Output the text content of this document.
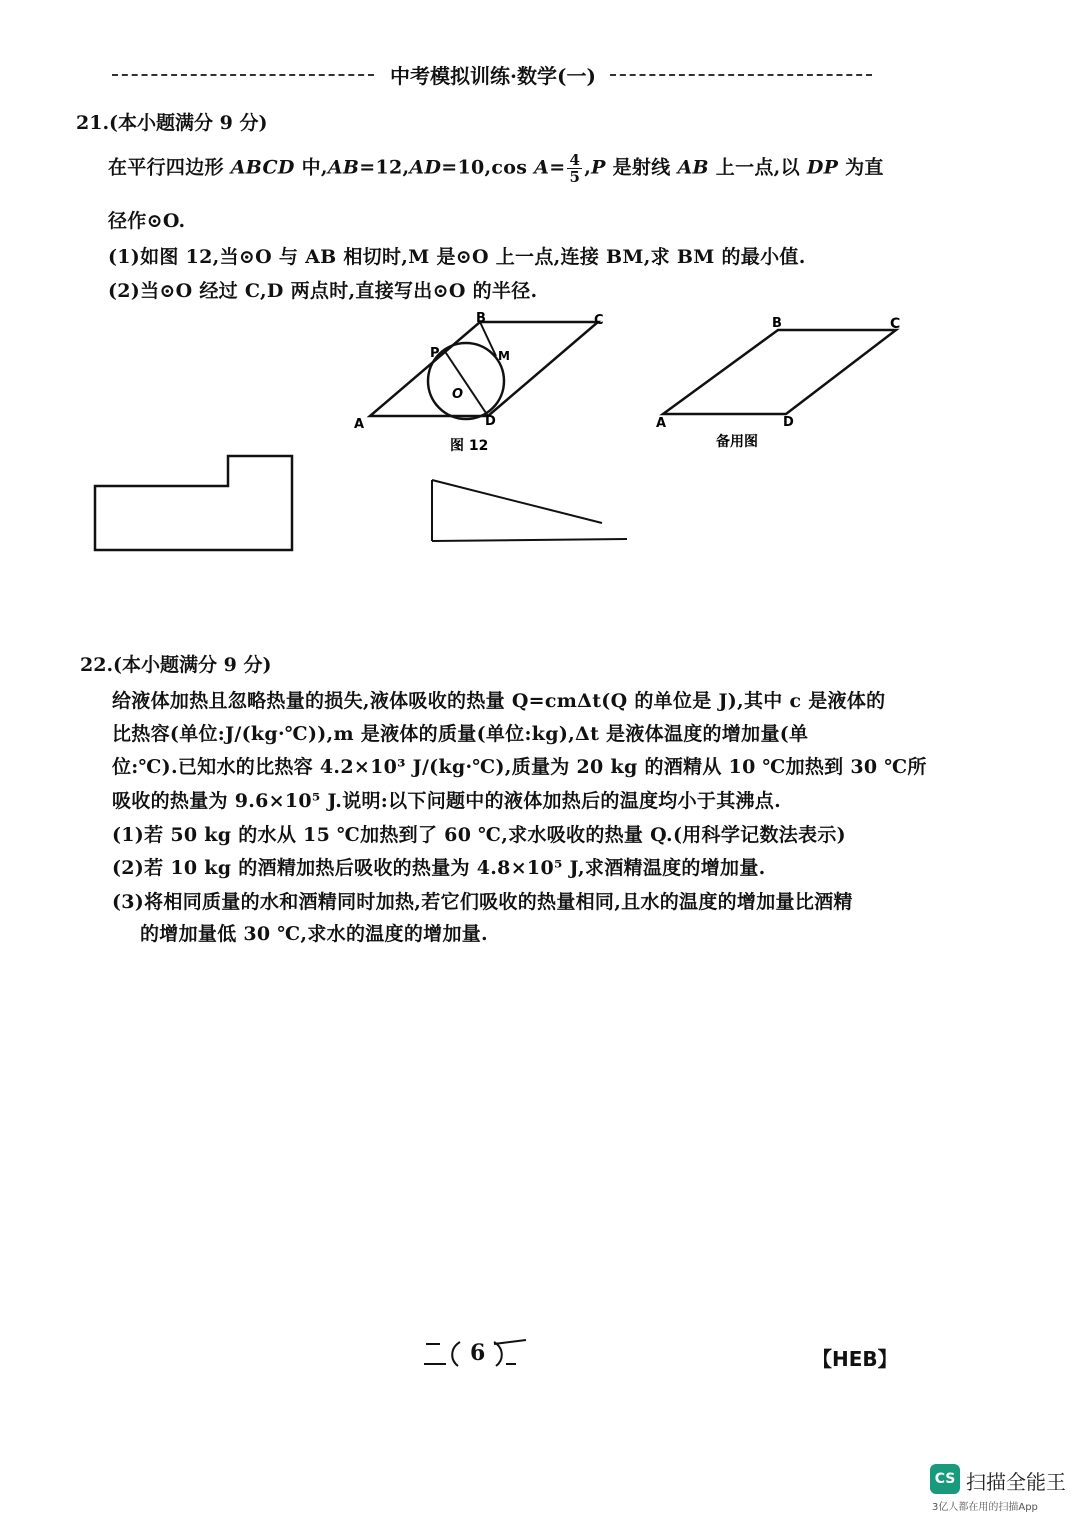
中考模拟训练·数学(一)
21.(本小题满分 9 分)
在平行四边形 ABCD 中,AB=12,AD=10,cos $A= \frac{4}{5} ,P$ 是射线 AB 上一点,以 DP 为直
径作⊙O.
(1)如图 12,当⊙O 与 AB 相切时,M 是⊙O 上一点,连接 BM,求 BM 的最小值.
(2)当⊙O 经过 C,D 两点时,直接写出⊙O 的半径.
A
B	C
D
P	M
O
图 12
A
B	C
D
备用图
22.(本小题满分 9 分)
给液体加热且忽略热量的损失,液体吸收的热量 Q=cmΔt(Q 的单位是 J),其中 c 是液体的
比热容(单位:J/(kg·℃)),m 是液体的质量(单位:kg),Δt 是液体温度的增加量(单
位:℃).已知水的比热容 4.2×10³ J/(kg·℃),质量为 20 kg 的酒精从 10 ℃加热到 30 ℃所
吸收的热量为 9.6×10⁵ J.说明:以下问题中的液体加热后的温度均小于其沸点.
(1)若 50 kg 的水从 15 ℃加热到了 60 ℃,求水吸收的热量 Q.(用科学记数法表示)
(2)若 10 kg 的酒精加热后吸收的热量为 4.8×10⁵ J,求酒精温度的增加量.
(3)将相同质量的水和酒精同时加热,若它们吸收的热量相同,且水的温度的增加量比酒精
的增加量低 30 ℃,求水的温度的增加量.
6	【HEB】
CS 扫描全能王
3亿人都在用的扫描App
